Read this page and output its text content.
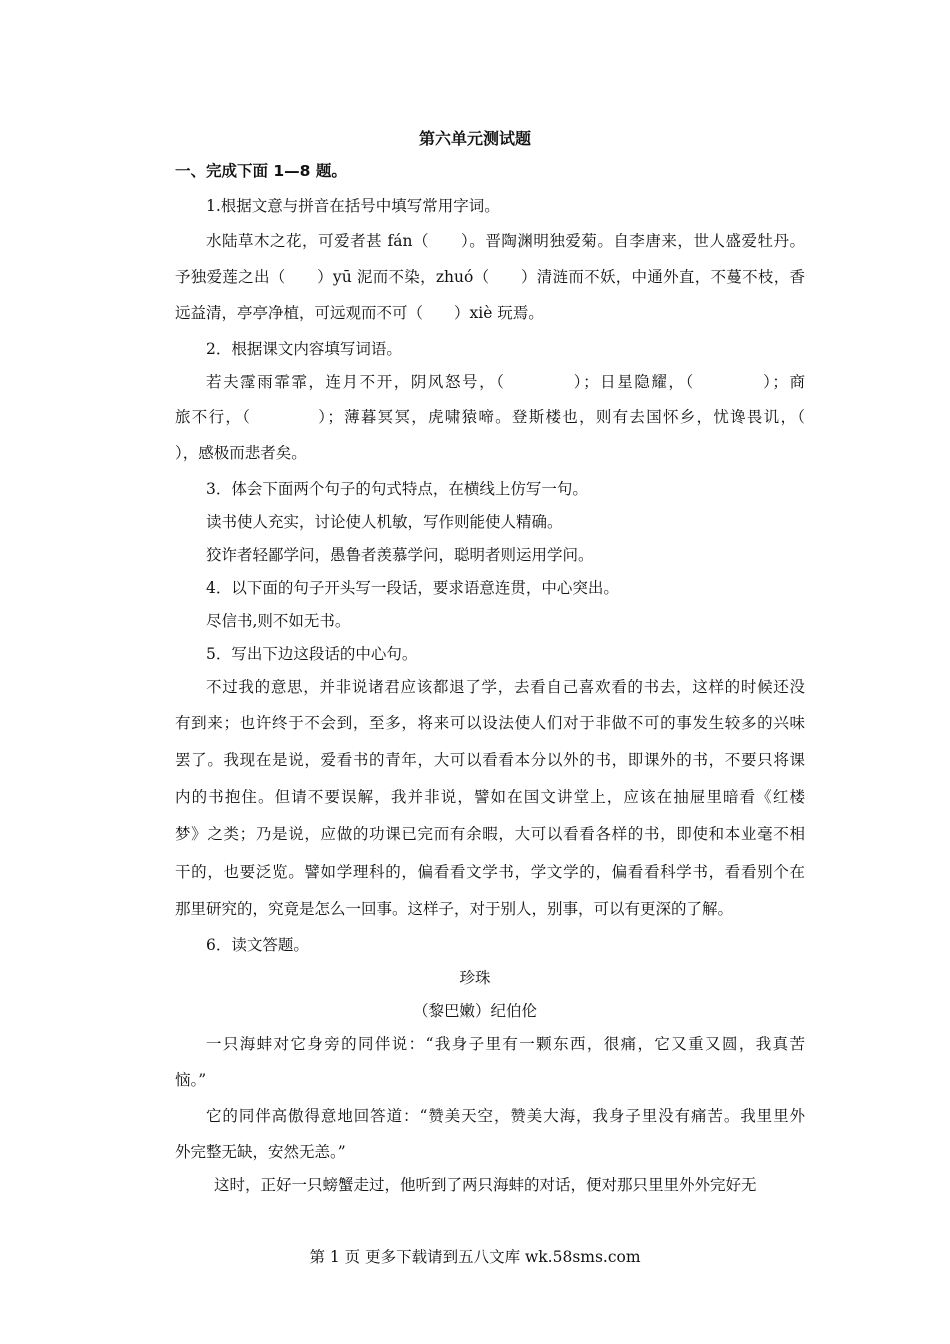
第六单元测试题
一、完成下面 1—8 题。
1.根据文意与拼音在括号中填写常用字词。
水陆草木之花，可爱者甚 fán（　　）。晋陶渊明独爱菊。自李唐来，世人盛爱牡丹。
予独爱莲之出（　　）yū 泥而不染，zhuó（　　）清涟而不妖，中通外直，不蔓不枝，香
远益清，亭亭净植，可远观而不可（　　）xiè 玩焉。
2．根据课文内容填写词语。
若夫霪雨霏霏，连月不开，阴风怒号，（　　　　）；日星隐耀，（　　　　）；商
旅不行，（　　　　）；薄暮冥冥，虎啸猿啼。登斯楼也，则有去国怀乡，忧谗畏讥，（
），感极而悲者矣。
3．体会下面两个句子的句式特点，在横线上仿写一句。
读书使人充实，讨论使人机敏，写作则能使人精确。
狡诈者轻鄙学问，愚鲁者羡慕学问，聪明者则运用学问。
4．以下面的句子开头写一段话，要求语意连贯，中心突出。
尽信书,则不如无书。
5．写出下边这段话的中心句。
不过我的意思，并非说诸君应该都退了学，去看自己喜欢看的书去，这样的时候还没
有到来；也许终于不会到，至多，将来可以设法使人们对于非做不可的事发生较多的兴味
罢了。我现在是说，爱看书的青年，大可以看看本分以外的书，即课外的书，不要只将课
内的书抱住。但请不要误解，我并非说，譬如在国文讲堂上，应该在抽屉里暗看《红楼
梦》之类；乃是说，应做的功课已完而有余暇，大可以看看各样的书，即使和本业毫不相
干的，也要泛览。譬如学理科的，偏看看文学书，学文学的，偏看看科学书，看看别个在
那里研究的，究竟是怎么一回事。这样子，对于别人，别事，可以有更深的了解。
6．读文答题。
珍珠
（黎巴嫩）纪伯伦
一只海蚌对它身旁的同伴说：“我身子里有一颗东西，很痛，它又重又圆，我真苦
恼。”
它的同伴高傲得意地回答道：“赞美天空，赞美大海，我身子里没有痛苦。我里里外
外完整无缺，安然无恙。”
这时，正好一只螃蟹走过，他听到了两只海蚌的对话，便对那只里里外外完好无
第 1 页 更多下载请到五八文库 wk.58sms.com
